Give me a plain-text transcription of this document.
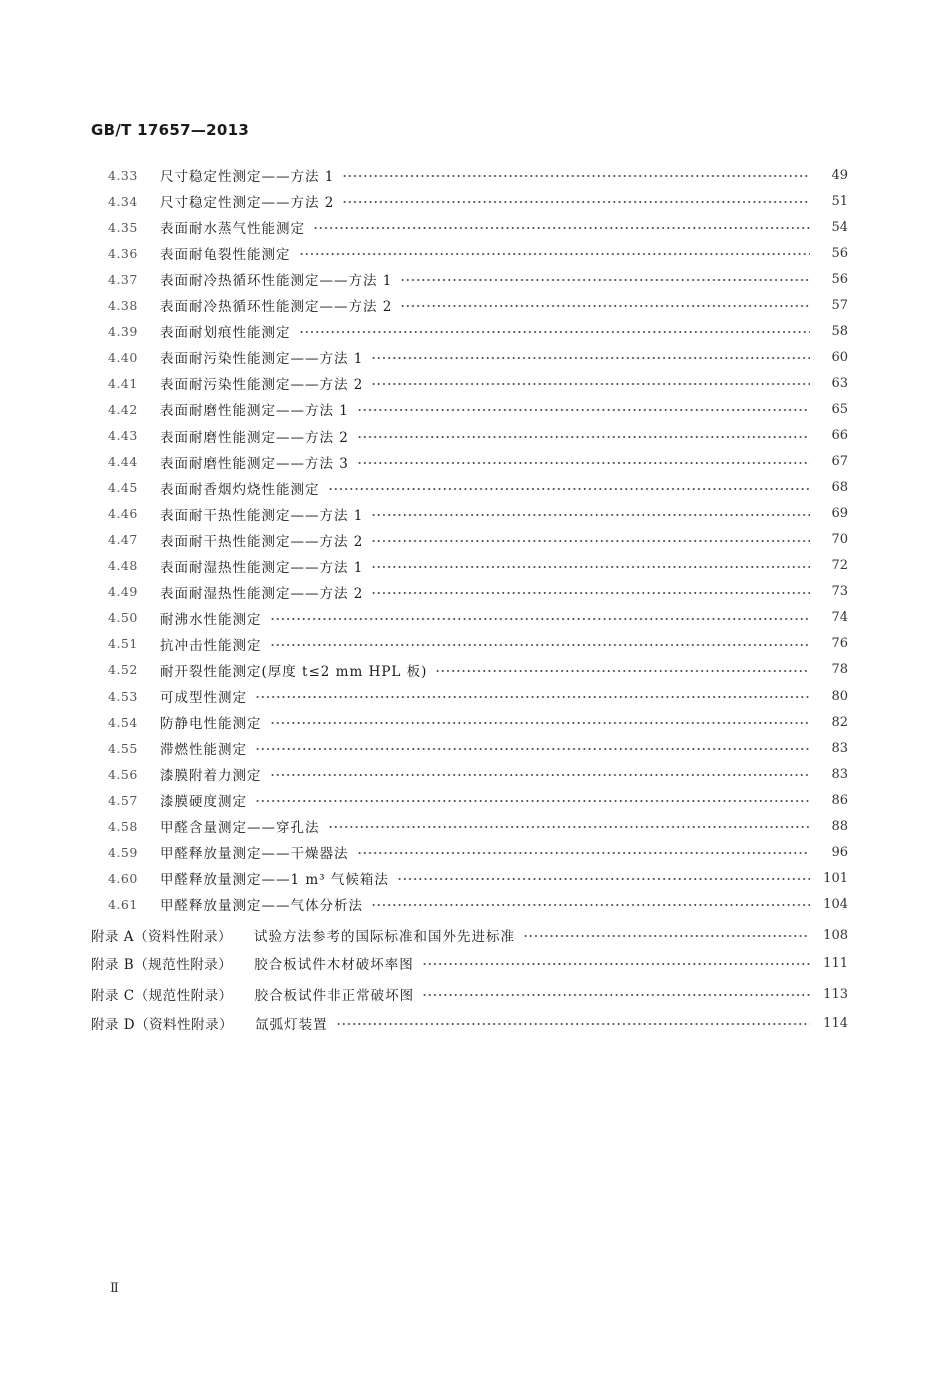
GB/T 17657—2013
4.33	尺寸稳定性测定——方法 1	49
4.34	尺寸稳定性测定——方法 2	51
4.35	表面耐水蒸气性能测定	54
4.36	表面耐龟裂性能测定	56
4.37	表面耐冷热循环性能测定——方法 1	56
4.38	表面耐冷热循环性能测定——方法 2	57
4.39	表面耐划痕性能测定	58
4.40	表面耐污染性能测定——方法 1	60
4.41	表面耐污染性能测定——方法 2	63
4.42	表面耐磨性能测定——方法 1	65
4.43	表面耐磨性能测定——方法 2	66
4.44	表面耐磨性能测定——方法 3	67
4.45	表面耐香烟灼烧性能测定	68
4.46	表面耐干热性能测定——方法 1	69
4.47	表面耐干热性能测定——方法 2	70
4.48	表面耐湿热性能测定——方法 1	72
4.49	表面耐湿热性能测定——方法 2	73
4.50	耐沸水性能测定	74
4.51	抗冲击性能测定	76
4.52	耐开裂性能测定(厚度 t≤2 mm HPL 板)	78
4.53	可成型性测定	80
4.54	防静电性能测定	82
4.55	滞燃性能测定	83
4.56	漆膜附着力测定	83
4.57	漆膜硬度测定	86
4.58	甲醛含量测定——穿孔法	88
4.59	甲醛释放量测定——干燥器法	96
4.60	甲醛释放量测定——1 m³ 气候箱法	101
4.61	甲醛释放量测定——气体分析法	104
附录 A（资料性附录） 试验方法参考的国际标准和国外先进标准	108
附录 B（规范性附录） 胶合板试件木材破坏率图	111
附录 C（规范性附录） 胶合板试件非正常破坏图	113
附录 D（资料性附录） 氙弧灯装置	114
Ⅱ
